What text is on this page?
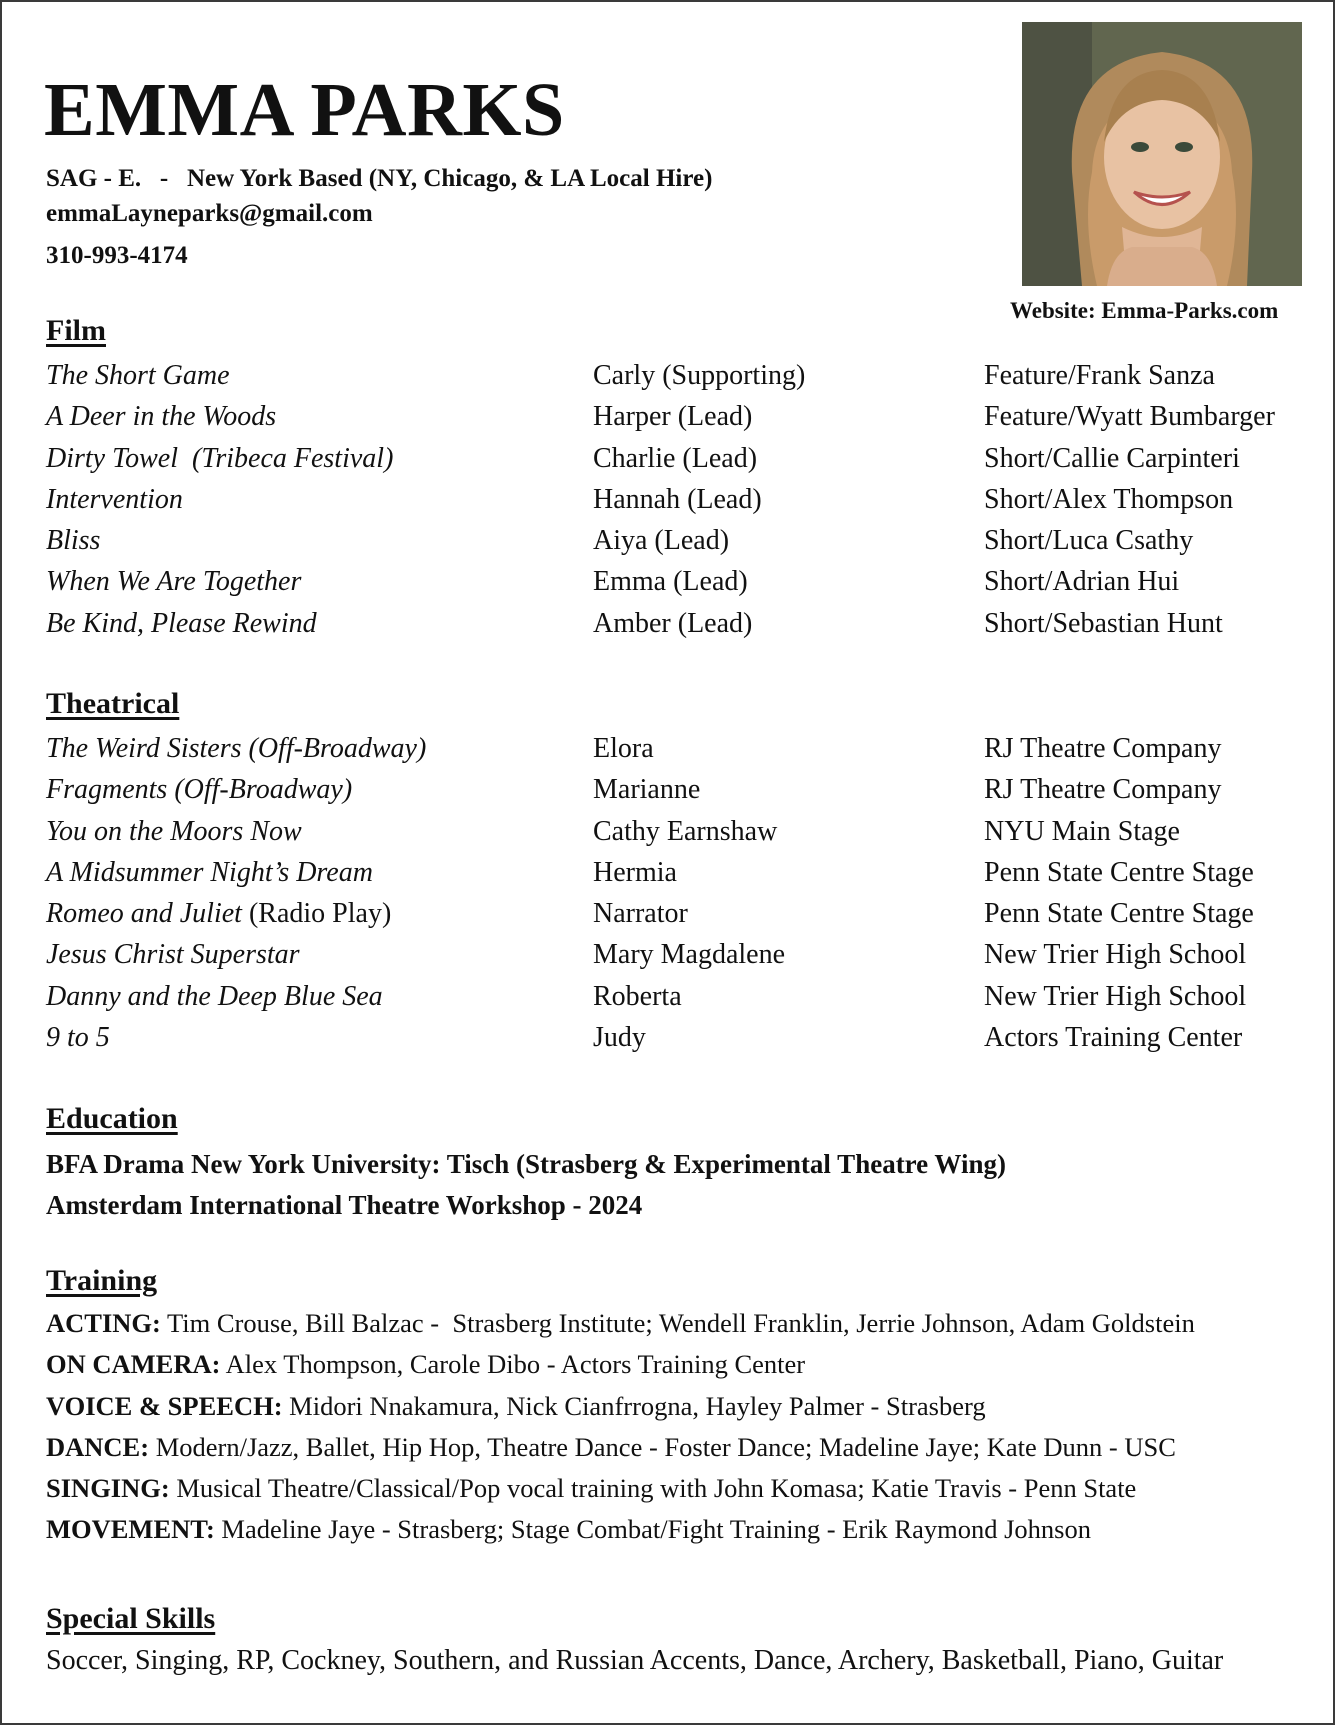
EMMA PARKS
SAG - E.   -   New York Based (NY, Chicago, & LA Local Hire)
emmaLayneparks@gmail.com
310-993-4174
Website: Emma-Parks.com
Film
The Short Game	Carly (Supporting)	Feature/Frank Sanza
A Deer in the Woods	Harper (Lead)	Feature/Wyatt Bumbarger
Dirty Towel  (Tribeca Festival)	Charlie (Lead)	Short/Callie Carpinteri
Intervention	Hannah (Lead)	Short/Alex Thompson
Bliss	Aiya (Lead)	Short/Luca Csathy
When We Are Together	Emma (Lead)	Short/Adrian Hui
Be Kind, Please Rewind	Amber (Lead)	Short/Sebastian Hunt
Theatrical
The Weird Sisters (Off-Broadway)	Elora	RJ Theatre Company
Fragments (Off-Broadway)	Marianne	RJ Theatre Company
You on the Moors Now	Cathy Earnshaw	NYU Main Stage
A Midsummer Night’s Dream	Hermia	Penn State Centre Stage
Romeo and Juliet (Radio Play)	Narrator	Penn State Centre Stage
Jesus Christ Superstar	Mary Magdalene	New Trier High School
Danny and the Deep Blue Sea	Roberta	New Trier High School
9 to 5	Judy	Actors Training Center
Education
BFA Drama New York University: Tisch (Strasberg & Experimental Theatre Wing)
Amsterdam International Theatre Workshop - 2024
Training
ACTING: Tim Crouse, Bill Balzac -  Strasberg Institute; Wendell Franklin, Jerrie Johnson, Adam Goldstein
ON CAMERA: Alex Thompson, Carole Dibo - Actors Training Center
VOICE & SPEECH: Midori Nnakamura, Nick Cianfrrogna, Hayley Palmer - Strasberg
DANCE: Modern/Jazz, Ballet, Hip Hop, Theatre Dance - Foster Dance; Madeline Jaye; Kate Dunn - USC
SINGING: Musical Theatre/Classical/Pop vocal training with John Komasa; Katie Travis - Penn State
MOVEMENT: Madeline Jaye - Strasberg; Stage Combat/Fight Training - Erik Raymond Johnson
Special Skills
Soccer, Singing, RP, Cockney, Southern, and Russian Accents, Dance, Archery, Basketball, Piano, Guitar
